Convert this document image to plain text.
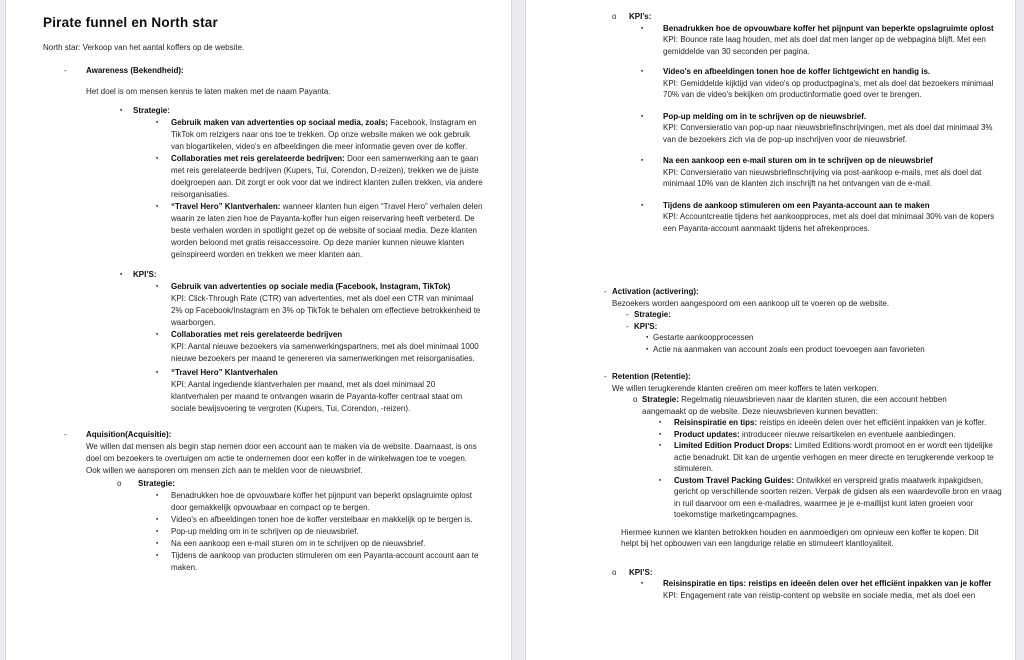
Pirate funnel en North star
North star: Verkoop van het aantal koffers op de website.
- Awareness (Bekendheid):
Het doel is om mensen kennis te laten maken met de naam Payanta.
▪ Strategie:
▪ Gebruik maken van advertenties op sociaal media, zoals; Facebook, Instagram en TikTok om reizigers naar ons toe te trekken. Op onze website maken we ook gebruik van blogartikelen, video's en afbeeldingen die meer informatie geven over de koffer.
▪ Collaboraties met reis gerelateerde bedrijven: Door een samenwerking aan te gaan met reis gerelateerde bedrijven (Kupers, Tui, Corendon, D-reizen), trekken we de juiste doelgroepen aan. Dit zorgt er ook voor dat we indirect klanten zullen trekken, via andere reisorganisaties.
▪ “Travel Hero” Klantverhalen: wanneer klanten hun eigen “Travel Hero” verhalen delen waarin ze laten zien hoe de Payanta-koffer hun eigen reiservaring heeft verbeterd. De beste verhalen worden in spotlight gezet op de website of sociaal media. Deze klanten worden beloond met gratis reisaccessoire. Op deze manier kunnen nieuwe klanten geïnspireerd worden en trekken we meer klanten aan.
▪ KPI’S:
▪ Gebruik van advertenties op sociale media (Facebook, Instagram, TikTok)
KPI: Click-Through Rate (CTR) van advertenties, met als doel een CTR van minimaal 2% op Facebook/Instagram en 3% op TikTok te behalen om effectieve betrokkenheid te waarborgen.
▪ Collaboraties met reis gerelateerde bedrijven
KPI: Aantal nieuwe bezoekers via samenwerkingspartners, met als doel minimaal 1000 nieuwe bezoekers per maand te genereren via samenwerkingen met reisorganisaties.
▪ “Travel Hero” Klantverhalen
KPI: Aantal ingediende klantverhalen per maand, met als doel minimaal 20 klantverhalen per maand te ontvangen waarin de Payanta-koffer centraal staat om sociale bewijsvoering te vergroten (Kupers, Tui, Corendon, -reizen).
- Aquisition(Acquisitie):
We willen dat mensen als begin stap nemen door een account aan te maken via de website. Daarnaast, is ons doel om bezoekers te overtuigen om actie te ondernemen door een koffer in de winkelwagen toe te voegen. Ook willen we aansporen om mensen zich aan te melden voor de nieuwsbrief.
o Strategie:
▪ Benadrukken hoe de opvouwbare koffer het pijnpunt van beperkt opslagruimte oplost door gemakkelijk opvouwbaar en compact op te bergen.
▪ Video's en afbeeldingen tonen hoe de koffer verstelbaar en makkelijk op te bergen is.
▪ Pop-up melding om in te schrijven op de nieuwsbrief.
▪ Na een aankoop een e-mail sturen om in te schrijven op de nieuwsbrief.
▪ Tijdens de aankoop van producten stimuleren om een Payanta-account account aan te maken.
o KPI’s:
▪ Benadrukken hoe de opvouwbare koffer het pijnpunt van beperkte opslagruimte oplost
KPI: Bounce rate laag houden, met als doel dat men langer op de webpagina blijft. Met een gemiddelde van 30 seconden per pagina.
▪ Video's en afbeeldingen tonen hoe de koffer lichtgewicht en handig is.
KPI: Gemiddelde kijktijd van video's op productpagina's, met als doel dat bezoekers minimaal 70% van de video's bekijken om productinformatie goed over te brengen.
▪ Pop-up melding om in te schrijven op de nieuwsbrief.
KPI: Conversieratio van pop-up naar nieuwsbriefinschrijvingen, met als doel dat minimaal 3% van de bezoekers zich via de pop-up inschrijven voor de nieuwsbrief.
▪ Na een aankoop een e-mail sturen om in te schrijven op de nieuwsbrief
KPI: Conversieratio van nieuwsbriefinschrijving via post-aankoop e-mails, met als doel dat minimaal 10% van de klanten zich inschrijft na het ontvangen van de e-mail.
▪ Tijdens de aankoop stimuleren om een Payanta-account aan te maken
KPI: Accountcreatie tijdens het aankoopproces, met als doel dat minimaal 30% van de kopers een Payanta-account aanmaakt tijdens het afrekenproces.
- Activation (activering):
Bezoekers worden aangespoord om een aankoop uit te voeren op de website.
- Strategie:
- KPI'S:
▪ Gestarte aankoopprocessen
▪ Actie na aanmaken van account zoals een product toevoegen aan favorieten
- Retention (Retentie):
We willen terugkerende klanten creëren om meer koffers te laten verkopen.
o Strategie: Regelmatig nieuwsbrieven naar de klanten sturen, die een account hebben aangemaakt op de website. Deze nieuwsbrieven kunnen bevatten:
▪ Reisinspiratie en tips: reistips en ideeën delen over het efficiënt inpakken van je koffer.
▪ Product updates: introduceer nieuwe reisartikelen en eventuele aanbiedingen.
▪ Limited Edition Product Drops: Limited Editions wordt promoot en er wordt een tijdelijke actie benadrukt. Dit kan de urgentie verhogen en meer directe en terugkerende verkoop te stimuleren.
▪ Custom Travel Packing Guides: Ontwikkel en verspreid gratis maatwerk inpakgidsen, gericht op verschillende soorten reizen. Verpak de gidsen als een waardevolle bron en vraag in ruil daarvoor om een e-mailadres, waarmee je je e-maillijst kunt laten groeien voor toekomstige marketingcampagnes.
Hiermee kunnen we klanten betrokken houden en aanmoedigen om opnieuw een koffer te kopen. Dit helpt bij het opbouwen van een langdurige relatie en stimuleert klantloyaliteit.
o KPI’S:
▪ Reisinspiratie en tips: reistips en ideeën delen over het efficiënt inpakken van je koffer
KPI: Engagement rate van reistip-content op website en sociale media, met als doel een
